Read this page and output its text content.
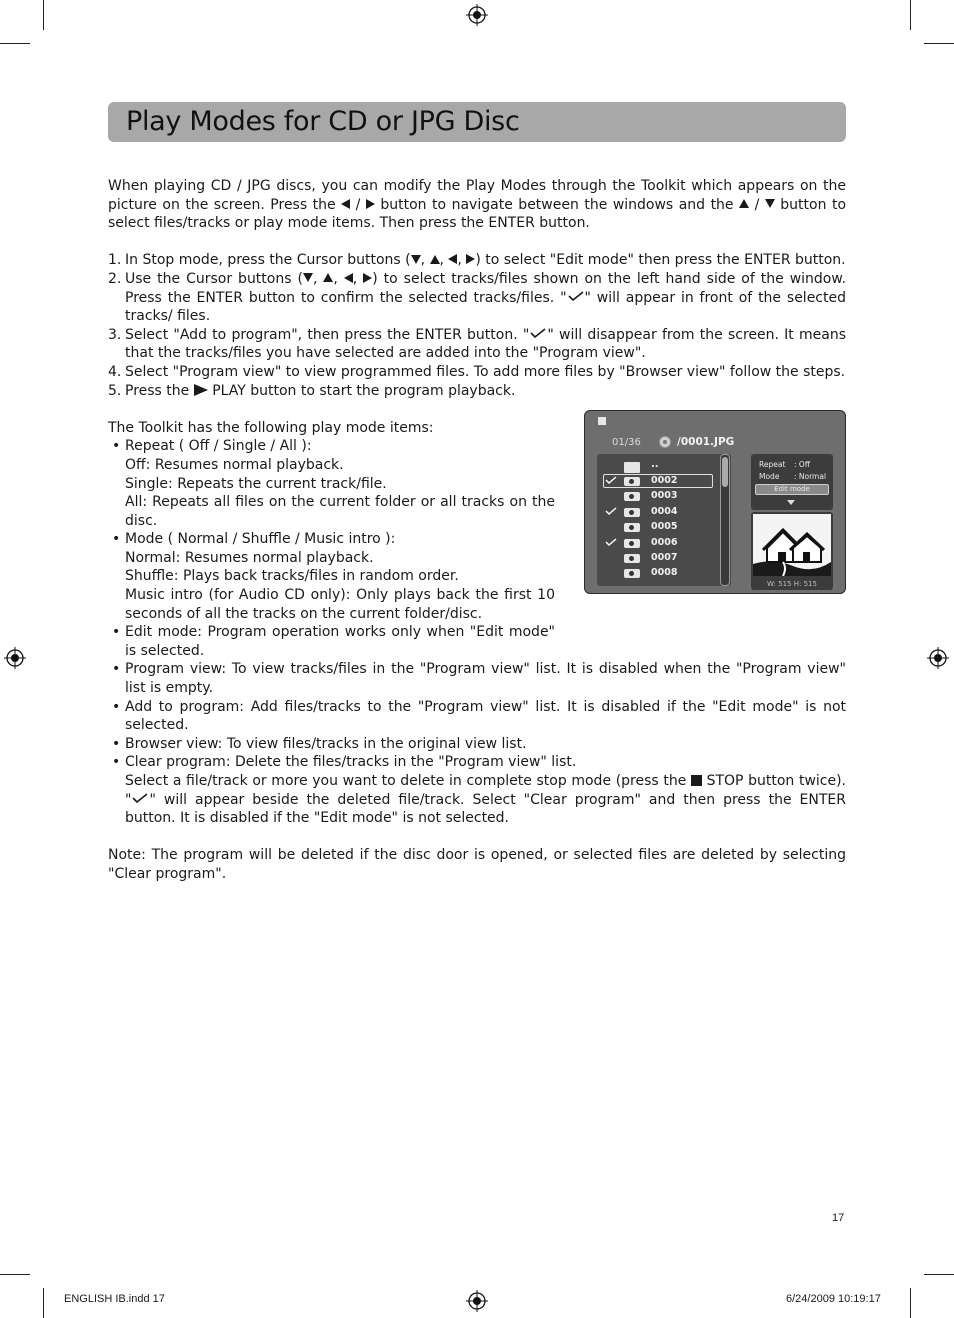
Play Modes for CD or JPG Disc

When playing CD / JPG discs, you can modify the Play Modes through the Toolkit which appears on the picture on the screen. Press the  /  button to navigate between the windows and the  /  button to select files/tracks or play mode items. Then press the ENTER button.

1. In Stop mode, press the Cursor buttons ( , , , ) to select "Edit mode" then press the ENTER button.
2. Use the Cursor buttons ( , , , ) to select tracks/files shown on the left hand side of the window. Press the ENTER button to confirm the selected tracks/files. " " will appear in front of the selected tracks/ files.
3. Select "Add to program", then press the ENTER button. " " will disappear from the screen. It means that the tracks/files you have selected are added into the "Program view".
4. Select "Program view" to view programmed files. To add more files by "Browser view" follow the steps.
5. Press the PLAY button to start the program playback.

The Toolkit has the following play mode items:

• Repeat ( Off / Single / All ):
Off: Resumes normal playback.
Single: Repeats the current track/file.
All: Repeats all files on the current folder or all tracks on the disc.
• Mode ( Normal / Shuffle / Music intro ):
Normal: Resumes normal playback.
Shuffle: Plays back tracks/files in random order.
Music intro (for Audio CD only): Only plays back the first 10 seconds of all the tracks on the current folder/disc.
• Edit mode: Program operation works only when "Edit mode" is selected.
• Program view: To view tracks/files in the "Program view" list. It is disabled when the "Program view" list is empty.
• Add to program: Add files/tracks to the "Program view" list. It is disabled if the "Edit mode" is not selected.
• Browser view: To view files/tracks in the original view list.
• Clear program: Delete the files/tracks in the "Program view" list.
Select a file/track or more you want to delete in complete stop mode (press the STOP button twice). " " will appear beside the deleted file/track. Select "Clear program" and then press the ENTER button. It is disabled if the "Edit mode" is not selected.

Note: The program will be deleted if the disc door is opened, or selected files are deleted by selecting "Clear program".

01/36	/0001.JPG
..
0002
0003
0004
0005
0006
0007
0008
Repeat : Off
Mode : Normal
Edit mode
W: 515 H: 515
17
ENGLISH IB.indd 17	6/24/2009 10:19:17
